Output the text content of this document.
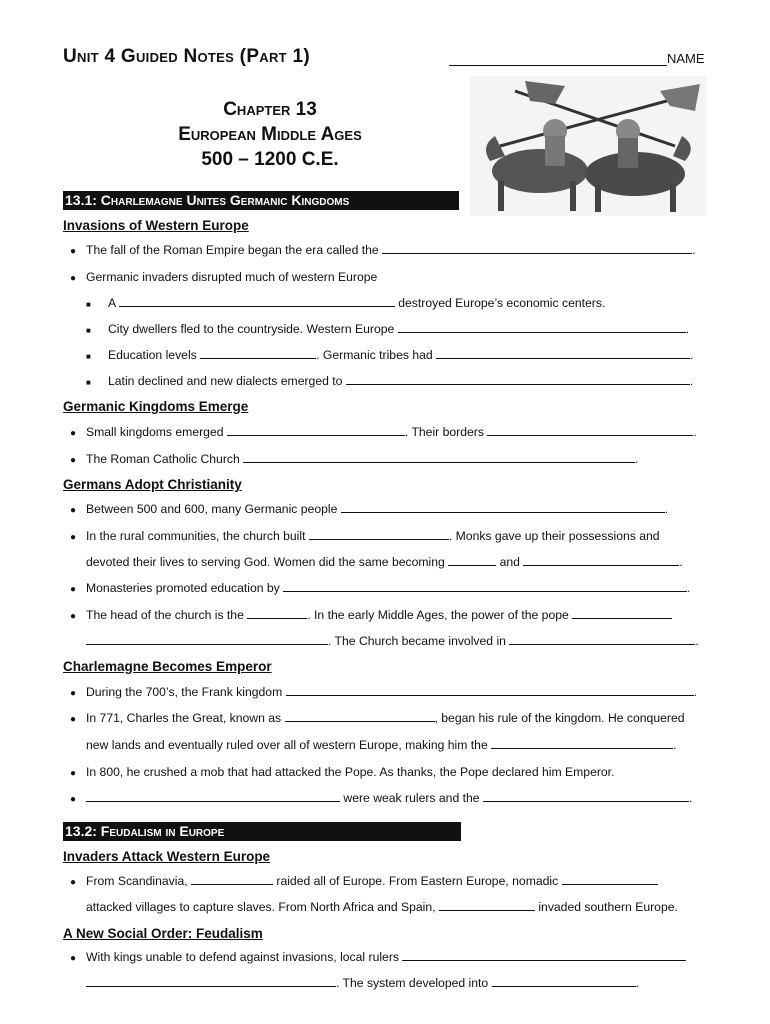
Unit 4 Guided Notes (Part 1)	NAME
Chapter 13
European Middle Ages
500 – 1200 C.E.
13.1: Charlemagne Unites Germanic Kingdoms
Invasions of Western Europe
● The fall of the Roman Empire began the era called the	.
● Germanic invaders disrupted much of western Europe
■ A	destroyed Europe’s economic centers.
■ City dwellers fled to the countryside. Western Europe	.
■ Education levels	. Germanic tribes had	.
■ Latin declined and new dialects emerged to	.
Germanic Kingdoms Emerge
● Small kingdoms emerged	. Their borders	.
● The Roman Catholic Church	.
Germans Adopt Christianity
● Between 500 and 600, many Germanic people	.
● In the rural communities, the church built	. Monks gave up their possessions and
devoted their lives to serving God. Women did the same becoming	and	.
● Monasteries promoted education by	.
● The head of the church is the	. In the early Middle Ages, the power of the pope
. The Church became involved in	.
Charlemagne Becomes Emperor
● During the 700’s, the Frank kingdom	.
● In 771, Charles the Great, known as	, began his rule of the kingdom. He conquered
new lands and eventually ruled over all of western Europe, making him the	.
● In 800, he crushed a mob that had attacked the Pope. As thanks, the Pope declared him Emperor.
●	were weak rulers and the	.
13.2: Feudalism in Europe
Invaders Attack Western Europe
● From Scandinavia,	raided all of Europe. From Eastern Europe, nomadic
attacked villages to capture slaves. From North Africa and Spain,	invaded southern Europe.
A New Social Order: Feudalism
● With kings unable to defend against invasions, local rulers
. The system developed into	.
